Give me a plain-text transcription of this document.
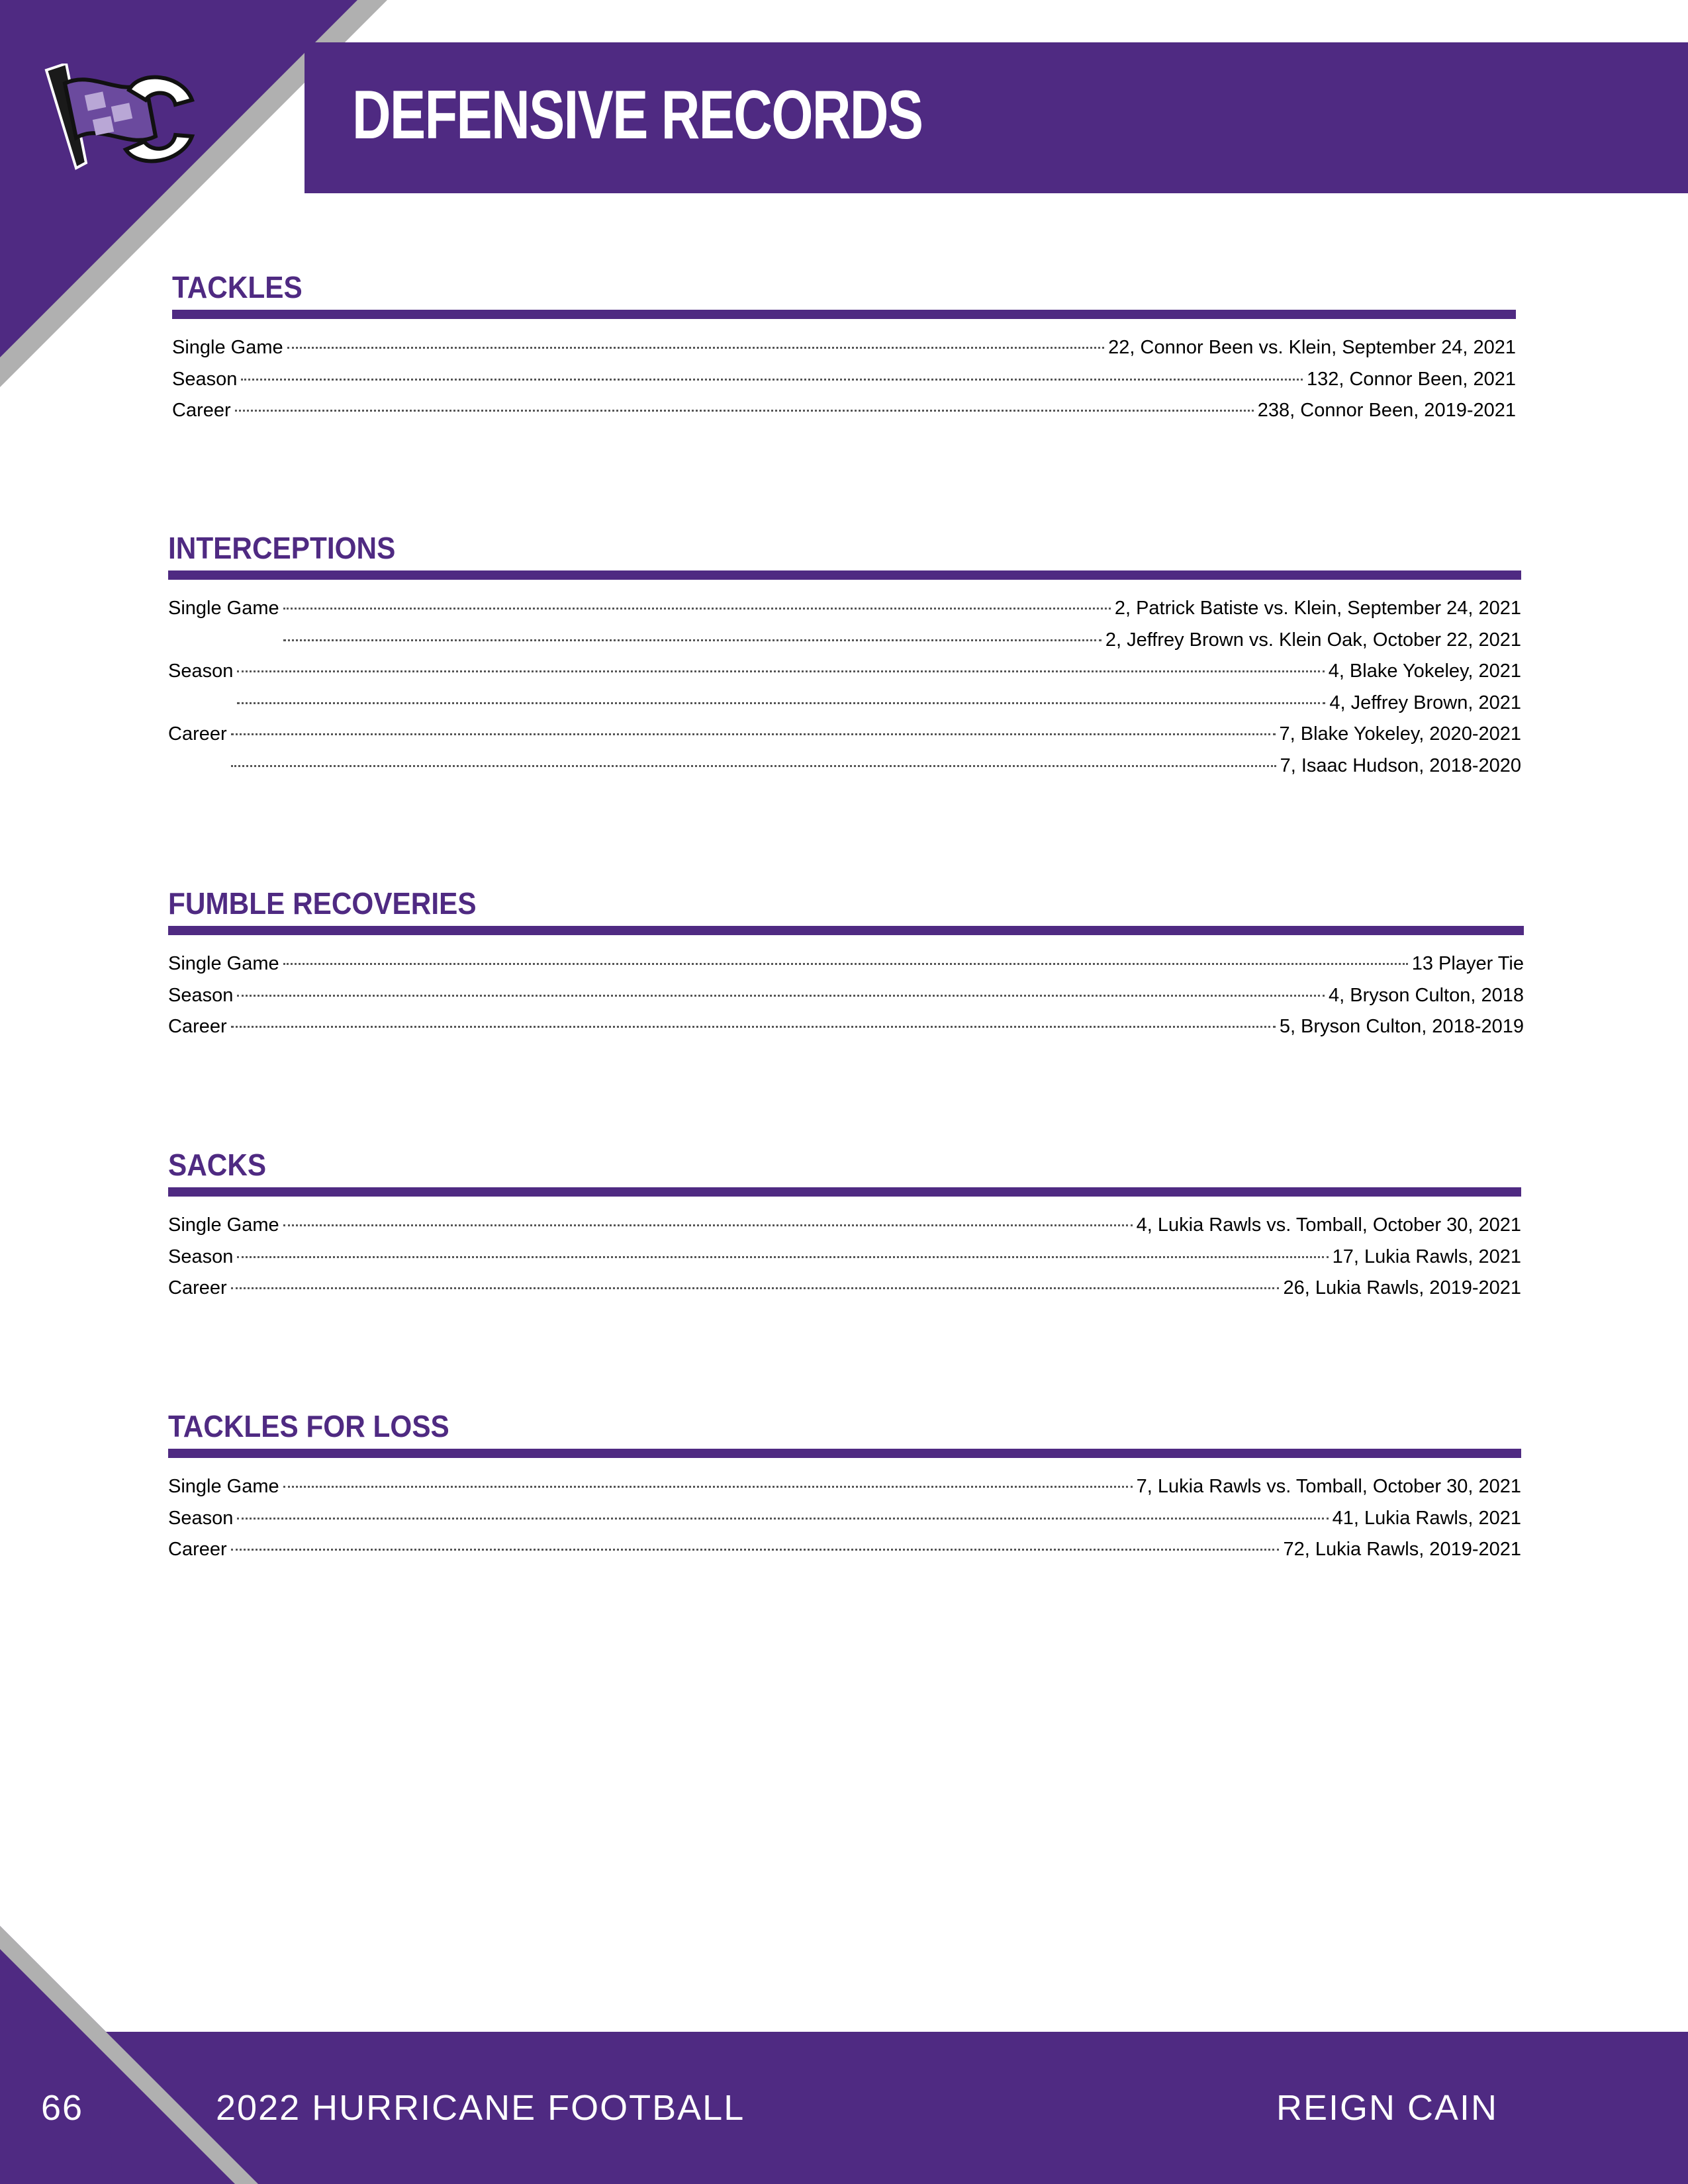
DEFENSIVE RECORDS
TACKLES
Single Game	22, Connor Been vs. Klein, September 24, 2021
Season	132, Connor Been, 2021
Career	238, Connor Been, 2019-2021
INTERCEPTIONS
Single Game	2, Patrick Batiste vs. Klein, September 24, 2021
2, Jeffrey Brown vs. Klein Oak, October 22, 2021
Season	4, Blake Yokeley, 2021
4, Jeffrey Brown, 2021
Career	7, Blake Yokeley, 2020-2021
7, Isaac Hudson, 2018-2020
FUMBLE RECOVERIES
Single Game	13 Player Tie
Season	4, Bryson Culton, 2018
Career	5, Bryson Culton, 2018-2019
SACKS
Single Game	4, Lukia Rawls vs. Tomball, October 30, 2021
Season	17, Lukia Rawls, 2021
Career	26, Lukia Rawls, 2019-2021
TACKLES FOR LOSS
Single Game	7, Lukia Rawls vs. Tomball, October 30, 2021
Season	41, Lukia Rawls, 2021
Career	72, Lukia Rawls, 2019-2021
66	2022 HURRICANE FOOTBALL	REIGN CAIN
